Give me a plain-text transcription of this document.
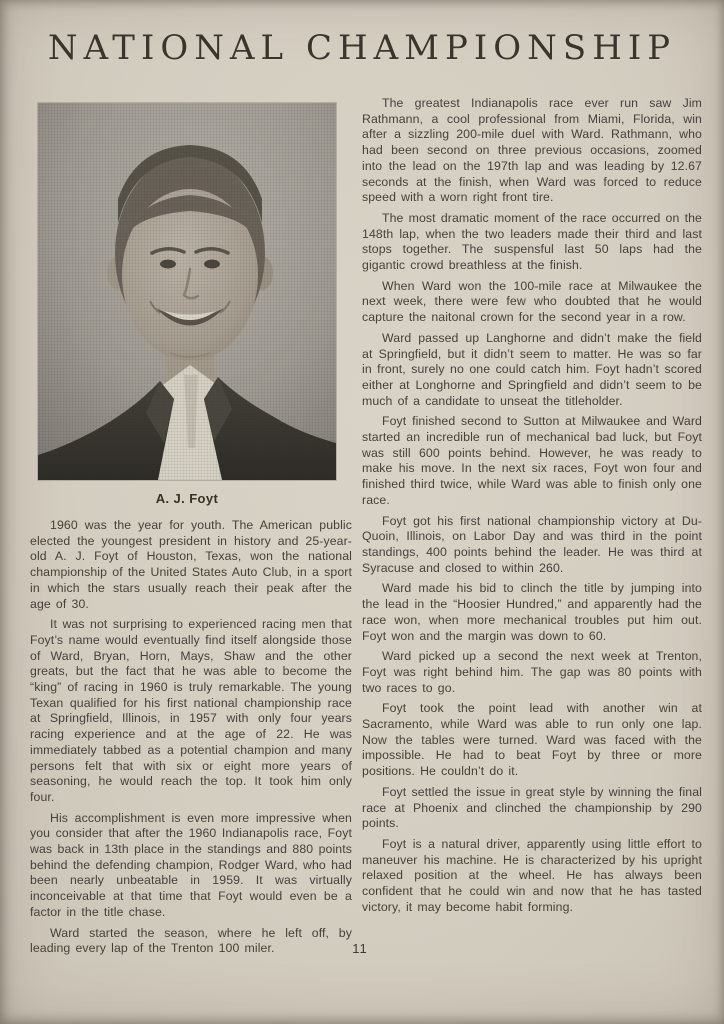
NATIONAL CHAMPIONSHIP
A. J. Foyt

1960 was the year for youth. The American public elected the youngest president in history and 25-year-old A. J. Foyt of Houston, Texas, won the national championship of the United States Auto Club, in a sport in which the stars usually reach their peak after the age of 30.

It was not surprising to experienced racing men that Foyt’s name would eventually find itself alongside those of Ward, Bryan, Horn, Mays, Shaw and the other greats, but the fact that he was able to become the “king” of racing in 1960 is truly remarkable. The young Texan qualified for his first national championship race at Springfield, Illinois, in 1957 with only four years racing experience and at the age of 22. He was immediately tabbed as a potential champion and many persons felt that with six or eight more years of seasoning, he would reach the top. It took him only four.

His accomplishment is even more impressive when you consider that after the 1960 Indianapolis race, Foyt was back in 13th place in the standings and 880 points behind the defending champion, Rodger Ward, who had been nearly unbeatable in 1959. It was virtually inconceivable at that time that Foyt would even be a factor in the title chase.

Ward started the season, where he left off, by leading every lap of the Trenton 100 miler.

The greatest Indianapolis race ever run saw Jim Rathmann, a cool professional from Miami, Florida, win after a sizzling 200-mile duel with Ward. Rathmann, who had been second on three previous occasions, zoomed into the lead on the 197th lap and was leading by 12.67 seconds at the finish, when Ward was forced to reduce speed with a worn right front tire.

The most dramatic moment of the race occurred on the 148th lap, when the two leaders made their third and last stops together. The suspensful last 50 laps had the gigantic crowd breathless at the finish.

When Ward won the 100-mile race at Milwaukee the next week, there were few who doubted that he would capture the naitonal crown for the second year in a row.

Ward passed up Langhorne and didn’t make the field at Springfield, but it didn’t seem to matter. He was so far in front, surely no one could catch him. Foyt hadn’t scored either at Longhorne and Springfield and didn’t seem to be much of a candidate to unseat the titleholder.

Foyt finished second to Sutton at Milwaukee and Ward started an incredible run of mechanical bad luck, but Foyt was still 600 points behind. However, he was ready to make his move. In the next six races, Foyt won four and finished third twice, while Ward was able to finish only one race.

Foyt got his first national championship victory at Du-Quoin, Illinois, on Labor Day and was third in the point standings, 400 points behind the leader. He was third at Syracuse and closed to within 260.

Ward made his bid to clinch the title by jumping into the lead in the “Hoosier Hundred,” and apparently had the race won, when more mechanical troubles put him out. Foyt won and the margin was down to 60.

Ward picked up a second the next week at Trenton, Foyt was right behind him. The gap was 80 points with two races to go.

Foyt took the point lead with another win at Sacramento, while Ward was able to run only one lap. Now the tables were turned. Ward was faced with the impossible. He had to beat Foyt by three or more positions. He couldn’t do it.

Foyt settled the issue in great style by winning the final race at Phoenix and clinched the championship by 290 points.

Foyt is a natural driver, apparently using little effort to maneuver his machine. He is characterized by his upright relaxed position at the wheel. He has always been confident that he could win and now that he has tasted victory, it may become habit forming.

11
